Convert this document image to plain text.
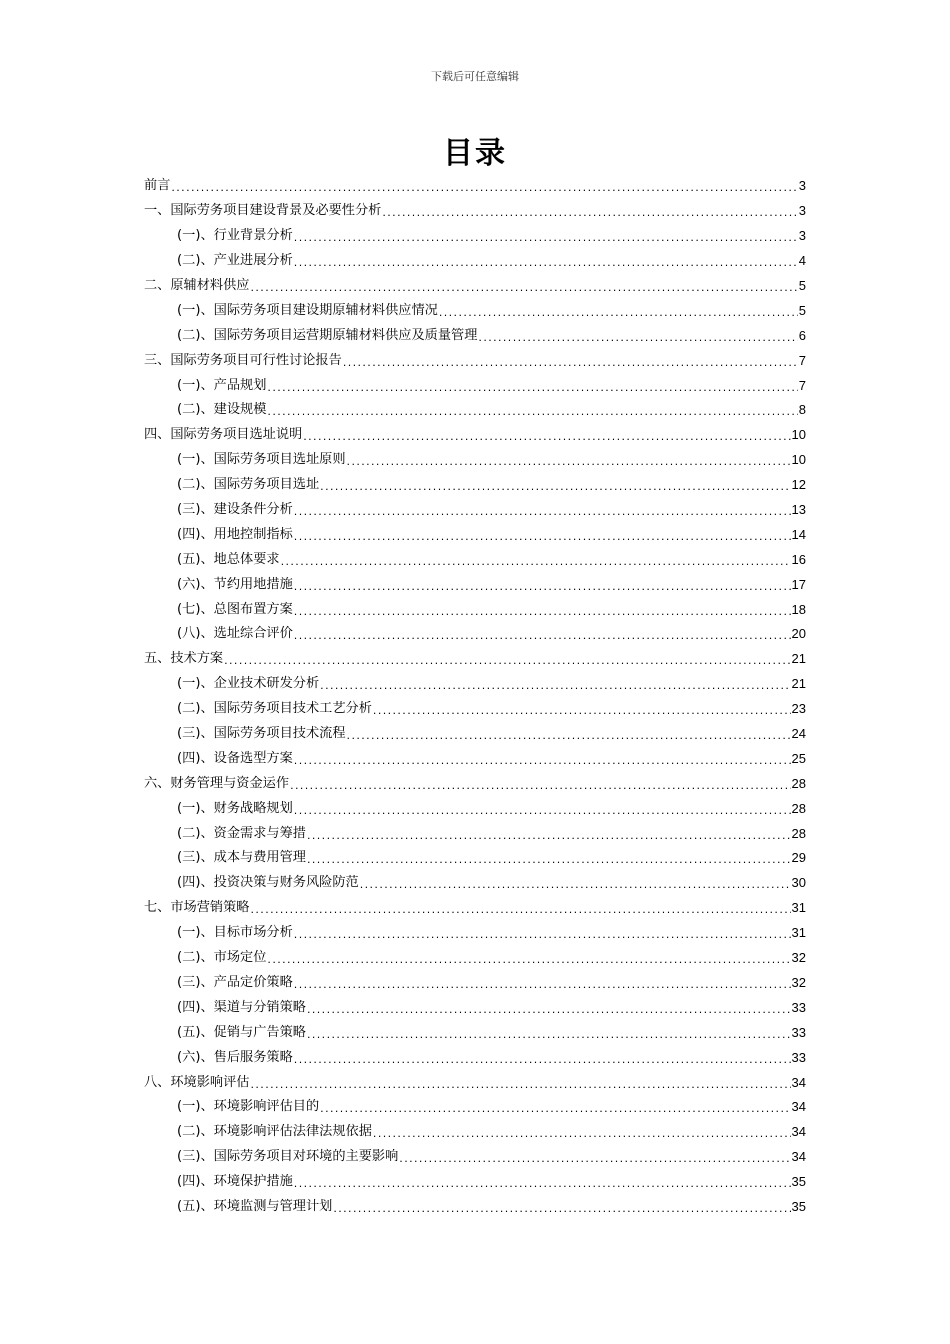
下载后可任意编辑
目录
前言 .....	3
一、国际劳务项目建设背景及必要性分析 .....	3
(一)、行业背景分析 .....	3
(二)、产业进展分析 .....	4
二、原辅材料供应 .....	5
(一)、国际劳务项目建设期原辅材料供应情况 .....	5
(二)、国际劳务项目运营期原辅材料供应及质量管理 .....	6
三、国际劳务项目可行性讨论报告 .....	7
(一)、产品规划 .....	7
(二)、建设规模 .....	8
四、国际劳务项目选址说明 .....	10
(一)、国际劳务项目选址原则 .....	10
(二)、国际劳务项目选址 .....	12
(三)、建设条件分析 .....	13
(四)、用地控制指标 .....	14
(五)、地总体要求 .....	16
(六)、节约用地措施 .....	17
(七)、总图布置方案 .....	18
(八)、选址综合评价 .....	20
五、技术方案 .....	21
(一)、企业技术研发分析 .....	21
(二)、国际劳务项目技术工艺分析 .....	23
(三)、国际劳务项目技术流程 .....	24
(四)、设备选型方案 .....	25
六、财务管理与资金运作 .....	28
(一)、财务战略规划 .....	28
(二)、资金需求与筹措 .....	28
(三)、成本与费用管理 .....	29
(四)、投资决策与财务风险防范 .....	30
七、市场营销策略 .....	31
(一)、目标市场分析 .....	31
(二)、市场定位 .....	32
(三)、产品定价策略 .....	32
(四)、渠道与分销策略 .....	33
(五)、促销与广告策略 .....	33
(六)、售后服务策略 .....	33
八、环境影响评估 .....	34
(一)、环境影响评估目的 .....	34
(二)、环境影响评估法律法规依据 .....	34
(三)、国际劳务项目对环境的主要影响 .....	34
(四)、环境保护措施 .....	35
(五)、环境监测与管理计划 .....	35
